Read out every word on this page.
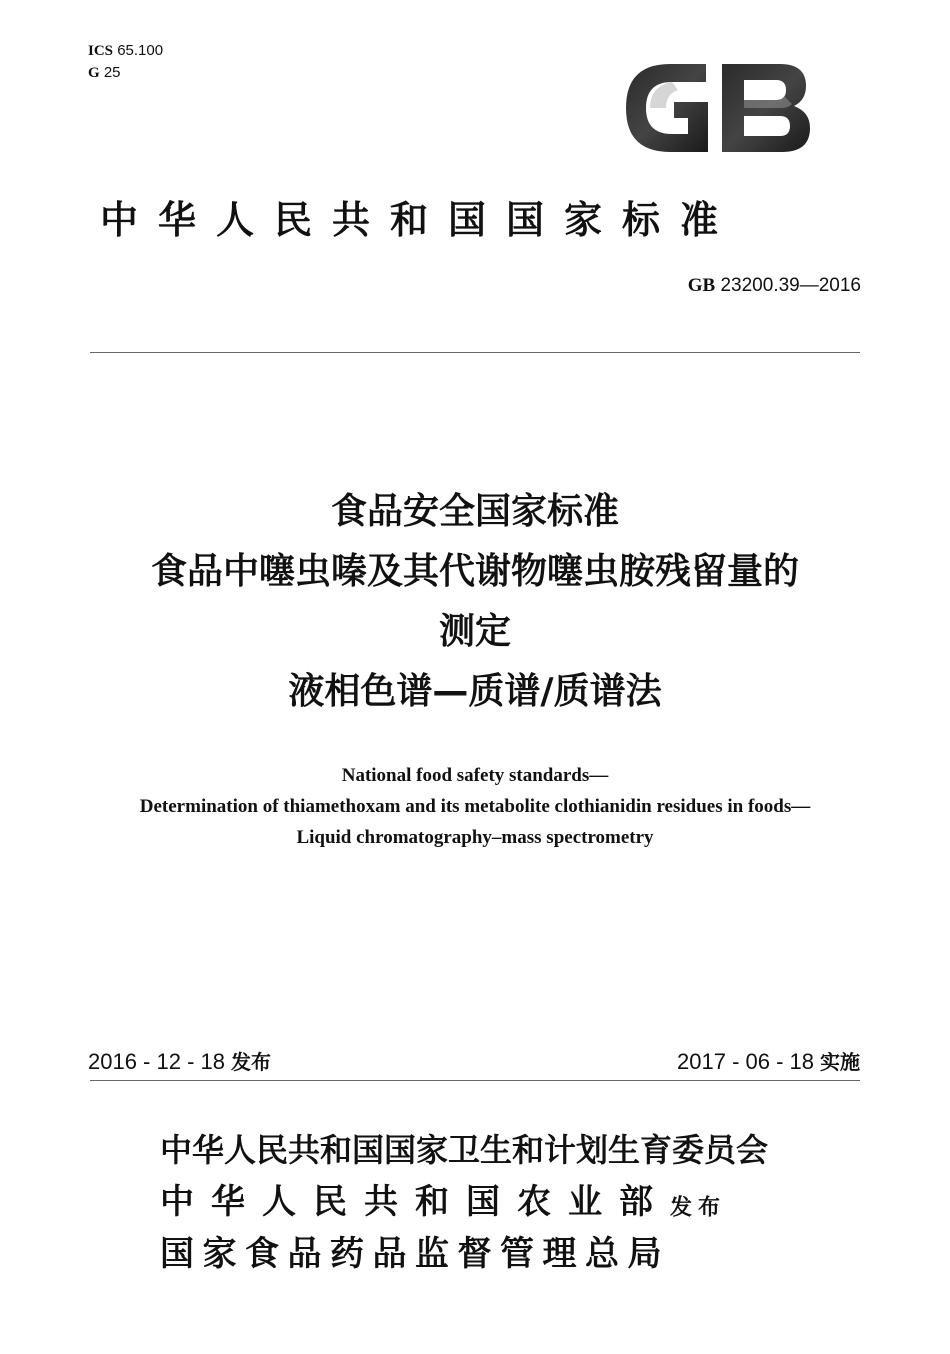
ICS 65.100
G 25
中华人民共和国国家标准
GB 23200.39—2016
食品安全国家标准
食品中噻虫嗪及其代谢物噻虫胺残留量的
测定
液相色谱—质谱/质谱法
National food safety standards—
Determination of thiamethoxam and its metabolite clothianidin residues in foods—
Liquid chromatography–mass spectrometry
2016 - 12 - 18 发布	2017 - 06 - 18 实施
中华人民共和国国家卫生和计划生育委员会
中华人民共和国农业部发布
国家食品药品监督管理总局
